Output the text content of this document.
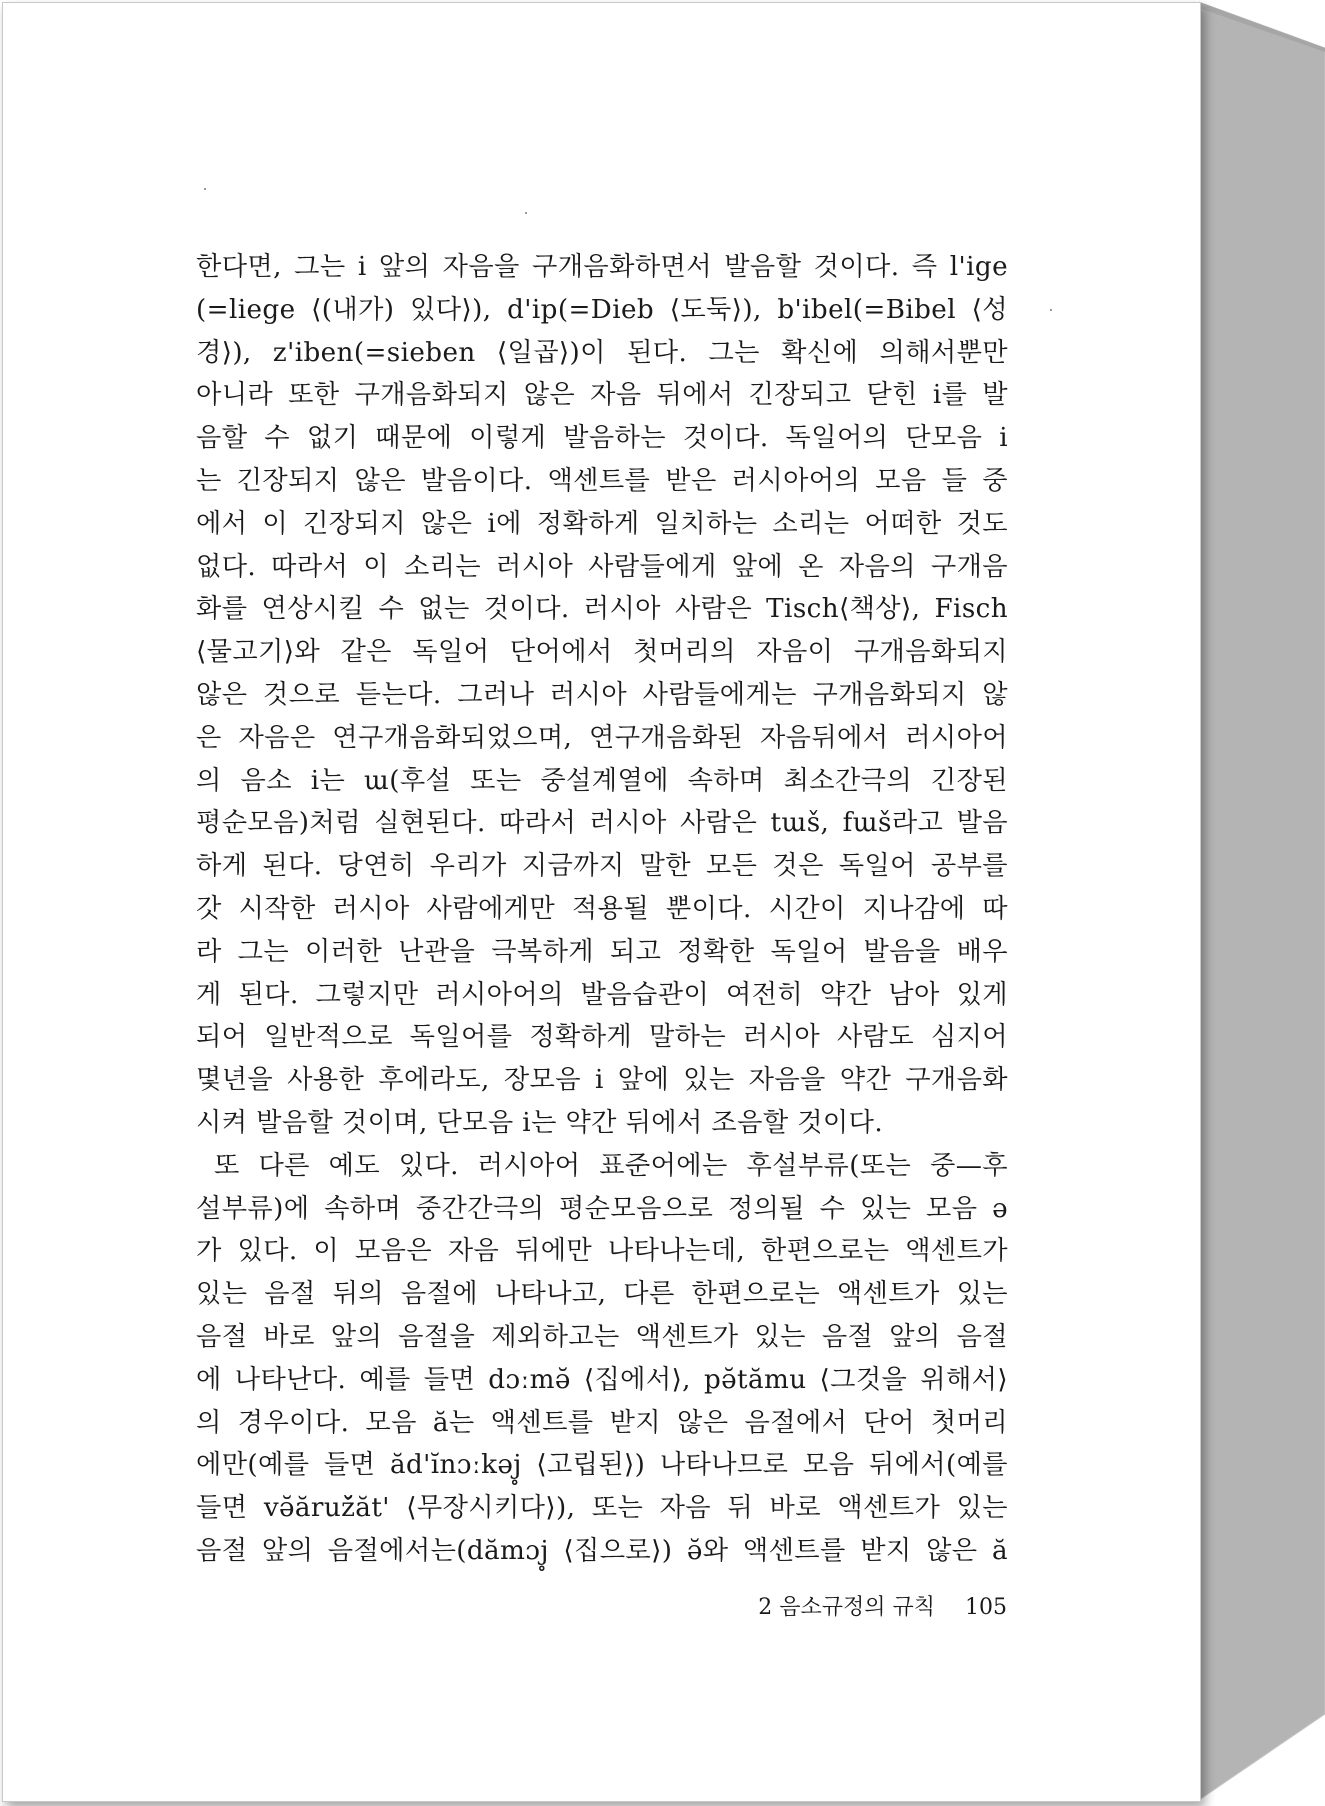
한다면, 그는 i 앞의 자음을 구개음화하면서 발음할 것이다. 즉 l'ige
(=liege ⟨(내가) 있다⟩), d'ip(=Dieb ⟨도둑⟩), b'ibel(=Bibel ⟨성
경⟩), z'iben(=sieben ⟨일곱⟩)이 된다. 그는 확신에 의해서뿐만
아니라 또한 구개음화되지 않은 자음 뒤에서 긴장되고 닫힌 i를 발
음할 수 없기 때문에 이렇게 발음하는 것이다. 독일어의 단모음 i
는 긴장되지 않은 발음이다. 액센트를 받은 러시아어의 모음 들 중
에서 이 긴장되지 않은 i에 정확하게 일치하는 소리는 어떠한 것도
없다. 따라서 이 소리는 러시아 사람들에게 앞에 온 자음의 구개음
화를 연상시킬 수 없는 것이다. 러시아 사람은 Tisch⟨책상⟩, Fisch
⟨물고기⟩와 같은 독일어 단어에서 첫머리의 자음이 구개음화되지
않은 것으로 듣는다. 그러나 러시아 사람들에게는 구개음화되지 않
은 자음은 연구개음화되었으며, 연구개음화된 자음뒤에서 러시아어
의 음소 i는 ɯ(후설 또는 중설계열에 속하며 최소간극의 긴장된
평순모음)처럼 실현된다. 따라서 러시아 사람은 tɯš, fɯš라고 발음
하게 된다. 당연히 우리가 지금까지 말한 모든 것은 독일어 공부를
갓 시작한 러시아 사람에게만 적용될 뿐이다. 시간이 지나감에 따
라 그는 이러한 난관을 극복하게 되고 정확한 독일어 발음을 배우
게 된다. 그렇지만 러시아어의 발음습관이 여전히 약간 남아 있게
되어 일반적으로 독일어를 정확하게 말하는 러시아 사람도 심지어
몇년을 사용한 후에라도, 장모음 i 앞에 있는 자음을 약간 구개음화
시켜 발음할 것이며, 단모음 i는 약간 뒤에서 조음할 것이다.
또 다른 예도 있다. 러시아어 표준어에는 후설부류(또는 중—후
설부류)에 속하며 중간간극의 평순모음으로 정의될 수 있는 모음 ə
가 있다. 이 모음은 자음 뒤에만 나타나는데, 한편으로는 액센트가
있는 음절 뒤의 음절에 나타나고, 다른 한편으로는 액센트가 있는
음절 바로 앞의 음절을 제외하고는 액센트가 있는 음절 앞의 음절
에 나타난다. 예를 들면 dɔːmə̆ ⟨집에서⟩, pə̆tămu ⟨그것을 위해서⟩
의 경우이다. 모음 ă는 액센트를 받지 않은 음절에서 단어 첫머리
에만(예를 들면 ăd'ĭnɔːkəj̥ ⟨고립된⟩) 나타나므로 모음 뒤에서(예를
들면 və̆ăruž̆ăt' ⟨무장시키다⟩), 또는 자음 뒤 바로 액센트가 있는
음절 앞의 음절에서는(dămɔj̥ ⟨집으로⟩) ə̆와 액센트를 받지 않은 ă
2 음소규정의 규칙 105
